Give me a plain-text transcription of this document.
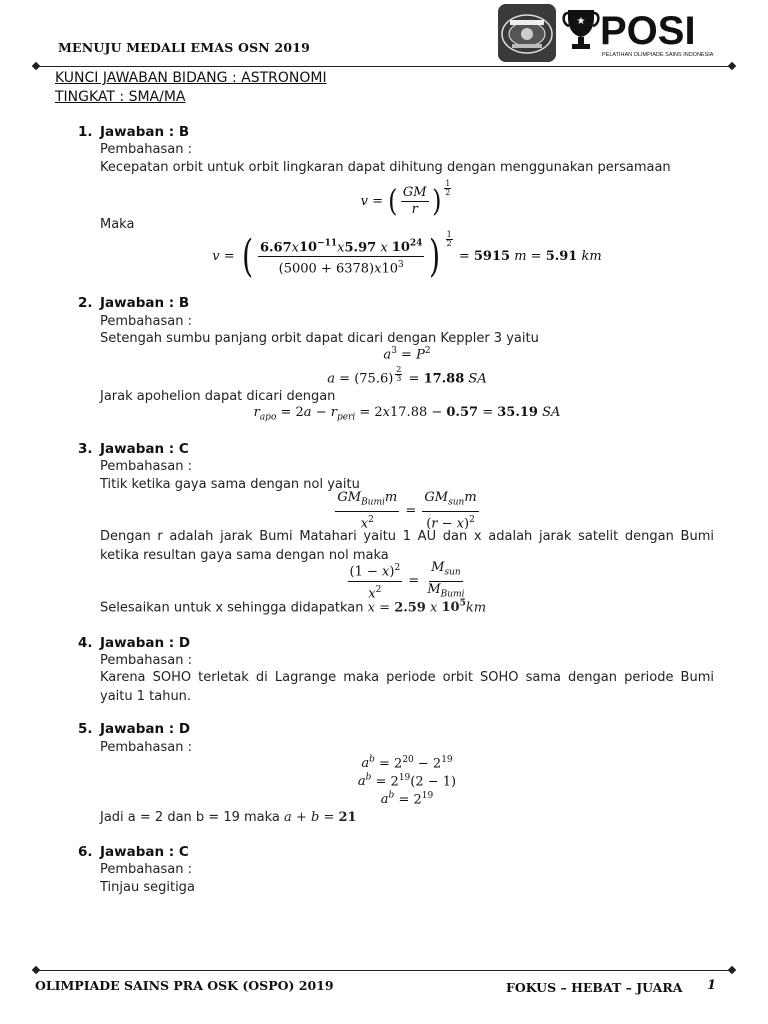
MENUJU MEDALI EMAS OSN 2019
★ POSI
PELATIHAN OLIMPIADE SAINS INDONESIA
KUNCI JAWABAN BIDANG : ASTRONOMI
TINGKAT : SMA/MA
1. Jawaban : B
Pembahasan :
Kecepatan orbit untuk orbit lingkaran dapat dihitung dengan menggunakan persamaan
v = ( $\frac{GM}{r}$ ) $^{\frac{1}{2}}$
Maka
v = ( $\frac{6.67x10^{-11}x5.97 x 10^{24}}{(5000 + 6378)x10^3}$ ) $^{\frac{1}{2}}$
= 5915 m = 5.91 km
2. Jawaban : B
Pembahasan :
Setengah sumbu panjang orbit dapat dicari dengan Keppler 3 yaitu
$a^3 = P^2$
a = (75.6) $^{\frac{2}{3}}$ = 17.88 SA
Jarak apohelion dapat dicari dengan
$r_{apo} = 2a - r_{peri} = 2x17.88 - 0.57 = 35.19$ SA
3. Jawaban : C
Pembahasan :
Titik ketika gaya sama dengan nol yaitu
$\frac{GM_{Bumi}m}{x^2} = \frac{GM_{sun}m}{(r - x)^2}$
Dengan r adalah jarak Bumi Matahari yaitu 1 AU dan x adalah jarak satelit dengan Bumi ketika resultan gaya sama dengan nol maka
$\frac{(1 - x)^2}{x^2} = \frac{M_{sun}}{M_{Bumi}}$
Selesaikan untuk x sehingga didapatkan x = 2.59 x $10^5km$
4. Jawaban : D
Pembahasan :
Karena SOHO terletak di Lagrange maka periode orbit SOHO sama dengan periode Bumi yaitu 1 tahun.
5. Jawaban : D
Pembahasan :
$a^b = 2^{20} - 2^{19}$
$a^b = 2^{19}(2 - 1)$
$a^b = 2^{19}$
Jadi a = 2 dan b = 19 maka a + b = 21
6. Jawaban : C
Pembahasan :
Tinjau segitiga
OLIMPIADE SAINS PRA OSK (OSPO) 2019	FOKUS – HEBAT – JUARA 1
